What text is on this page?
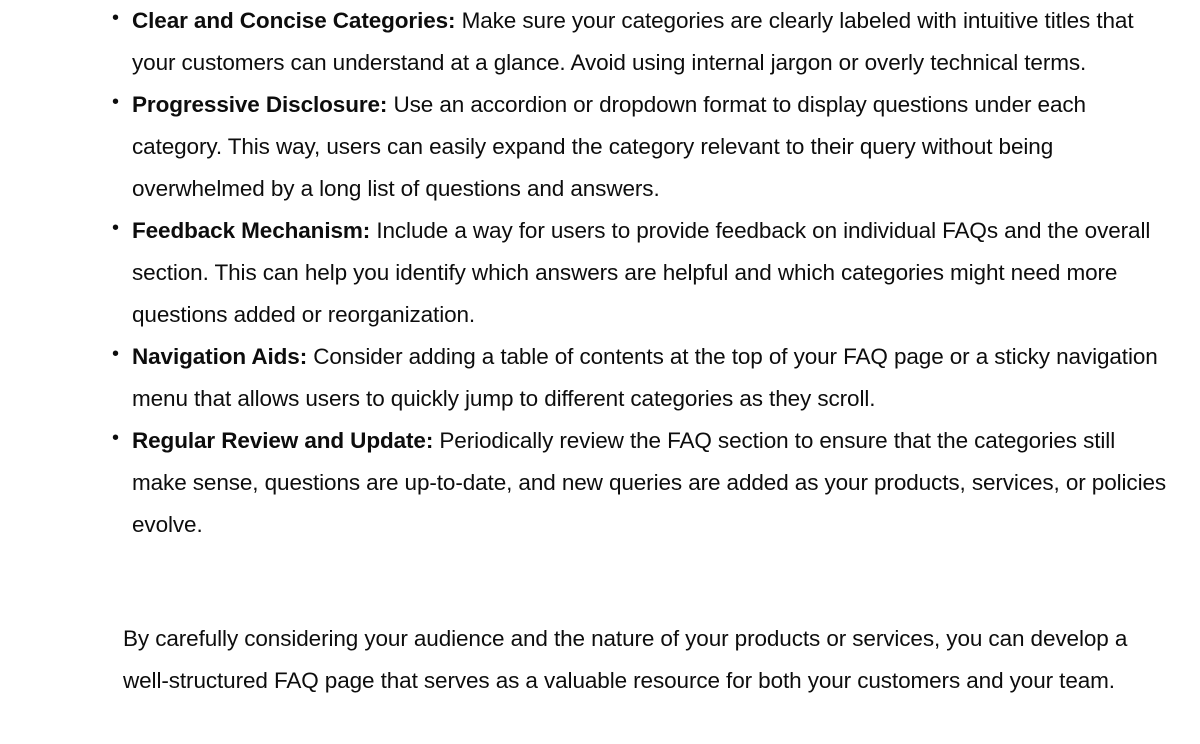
• Clear and Concise Categories: Make sure your categories are clearly labeled with intuitive titles that your customers can understand at a glance. Avoid using internal jargon or overly technical terms.
• Progressive Disclosure: Use an accordion or dropdown format to display questions under each category. This way, users can easily expand the category relevant to their query without being overwhelmed by a long list of questions and answers.
• Feedback Mechanism: Include a way for users to provide feedback on individual FAQs and the overall section. This can help you identify which answers are helpful and which categories might need more questions added or reorganization.
• Navigation Aids: Consider adding a table of contents at the top of your FAQ page or a sticky navigation menu that allows users to quickly jump to different categories as they scroll.
• Regular Review and Update: Periodically review the FAQ section to ensure that the categories still make sense, questions are up-to-date, and new queries are added as your products, services, or policies evolve.

By carefully considering your audience and the nature of your products or services, you can develop a well-structured FAQ page that serves as a valuable resource for both your customers and your team.
